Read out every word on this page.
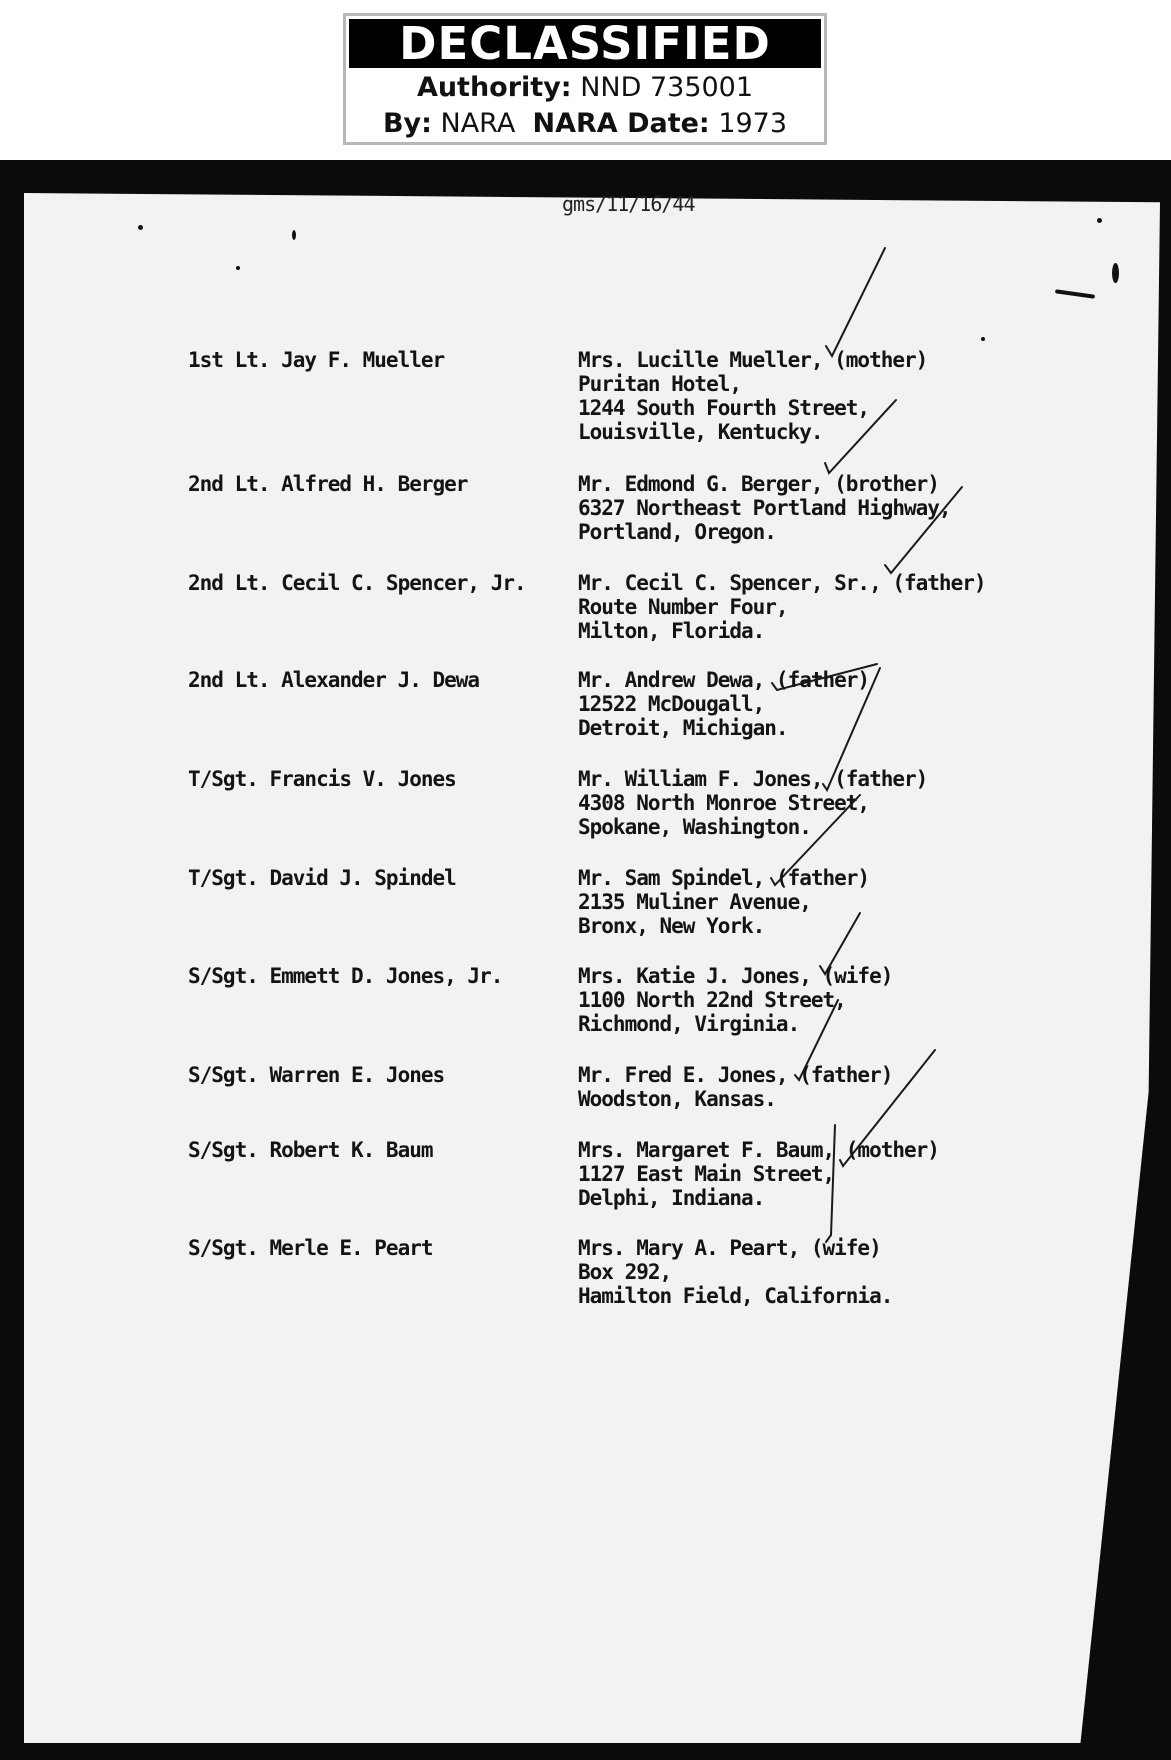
DECLASSIFIED
Authority: NND 735001
By: NARA NARA Date: 1973
gms/11/16/44
1st Lt. Jay F. Mueller	Mrs. Lucille Mueller, (mother)
Puritan Hotel,
1244 South Fourth Street,
Louisville, Kentucky.
2nd Lt. Alfred H. Berger	Mr. Edmond G. Berger, (brother)
6327 Northeast Portland Highway,
Portland, Oregon.
2nd Lt. Cecil C. Spencer, Jr. Mr. Cecil C. Spencer, Sr., (father)
Route Number Four,
Milton, Florida.
2nd Lt. Alexander J. Dewa	Mr. Andrew Dewa, (father)
12522 McDougall,
Detroit, Michigan.
T/Sgt. Francis V. Jones	Mr. William F. Jones, (father)
4308 North Monroe Street,
Spokane, Washington.
T/Sgt. David J. Spindel	Mr. Sam Spindel, (father)
2135 Muliner Avenue,
Bronx, New York.
S/Sgt. Emmett D. Jones, Jr.	Mrs. Katie J. Jones, (wife)
1100 North 22nd Street,
Richmond, Virginia.
S/Sgt. Warren E. Jones	Mr. Fred E. Jones, (father)
Woodston, Kansas.
S/Sgt. Robert K. Baum	Mrs. Margaret F. Baum, (mother)
1127 East Main Street,
Delphi, Indiana.
S/Sgt. Merle E. Peart	Mrs. Mary A. Peart, (wife)
Box 292,
Hamilton Field, California.
